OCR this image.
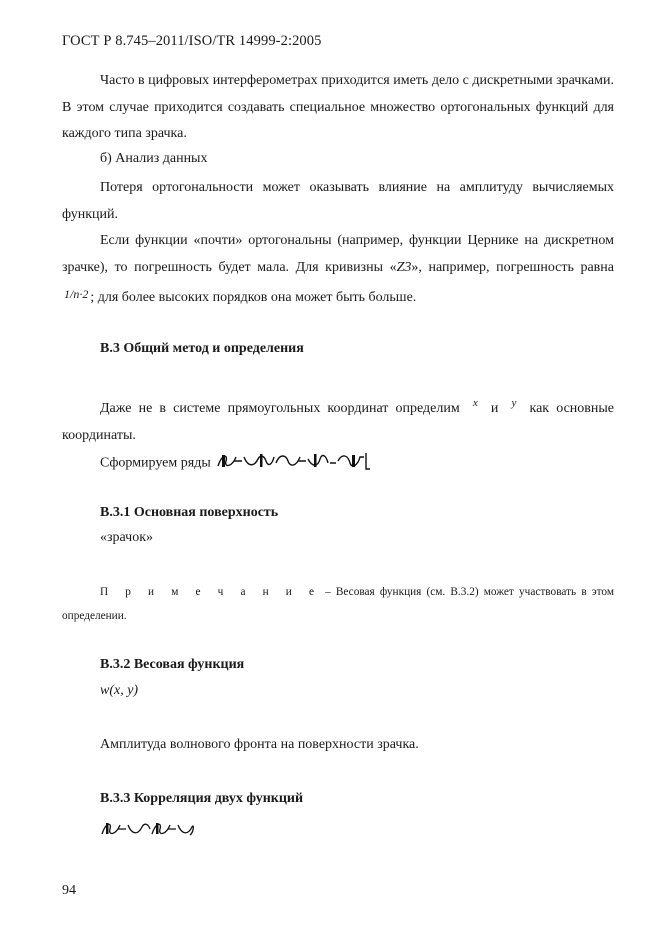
ГОСТ Р 8.745–2011/ISO/TR 14999-2:2005
Часто в цифровых интерферометрах приходится иметь дело с дискретными зрачками. В этом случае приходится создавать специальное множество ортогональных функций для каждого типа зрачка.
б) Анализ данных
Потеря ортогональности может оказывать влияние на амплитуду вычисляемых функций.
Если функции «почти» ортогональны (например, функции Цернике на дискретном зрачке), то погрешность будет мала. Для кривизны «Z3», например, погрешность равна 1/n·2 ; для более высоких порядков она может быть больше.
В.3 Общий метод и определения
Даже не в системе прямоугольных координат определим $^x$ и $^y$ как основные координаты.
Сформируем ряды
В.3.1 Основная поверхность
«зрачок»
П р и м е ч а н и е – Весовая функция (см. В.3.2) может участвовать в этом определении.
В.3.2 Весовая функция
w(x, y)
Амплитуда волнового фронта на поверхности зрачка.
В.3.3 Корреляция двух функций
94
